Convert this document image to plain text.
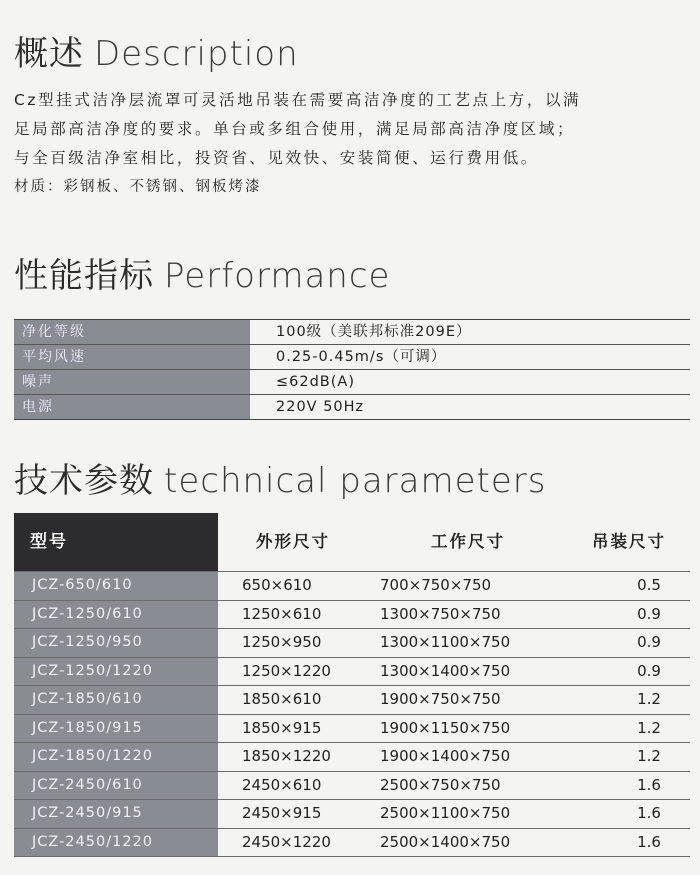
概述 Description

Cz型挂式洁净层流罩可灵活地吊装在需要高洁净度的工艺点上方，以满

足局部高洁净度的要求。单台或多组合使用，满足局部高洁净度区域；

与全百级洁净室相比，投资省、见效快、安装简便、运行费用低。

材质：彩钢板、不锈钢、钢板烤漆

性能指标 Performance
净化等级	100级（美联邦标准209E）
平均风速	0.25-0.45m/s（可调）
噪声	≤62dB(A)
电源	220V 50Hz
技术参数 technical parameters
型号	外形尺寸	工作尺寸	吊装尺寸
JCZ-650/610	650×610	700×750×750	0.5
JCZ-1250/610	1250×610	1300×750×750	0.9
JCZ-1250/950	1250×950	1300×1100×750	0.9
JCZ-1250/1220	1250×1220	1300×1400×750	0.9
JCZ-1850/610	1850×610	1900×750×750	1.2
JCZ-1850/915	1850×915	1900×1150×750	1.2
JCZ-1850/1220	1850×1220	1900×1400×750	1.2
JCZ-2450/610	2450×610	2500×750×750	1.6
JCZ-2450/915	2450×915	2500×1100×750	1.6
JCZ-2450/1220	2450×1220	2500×1400×750	1.6
